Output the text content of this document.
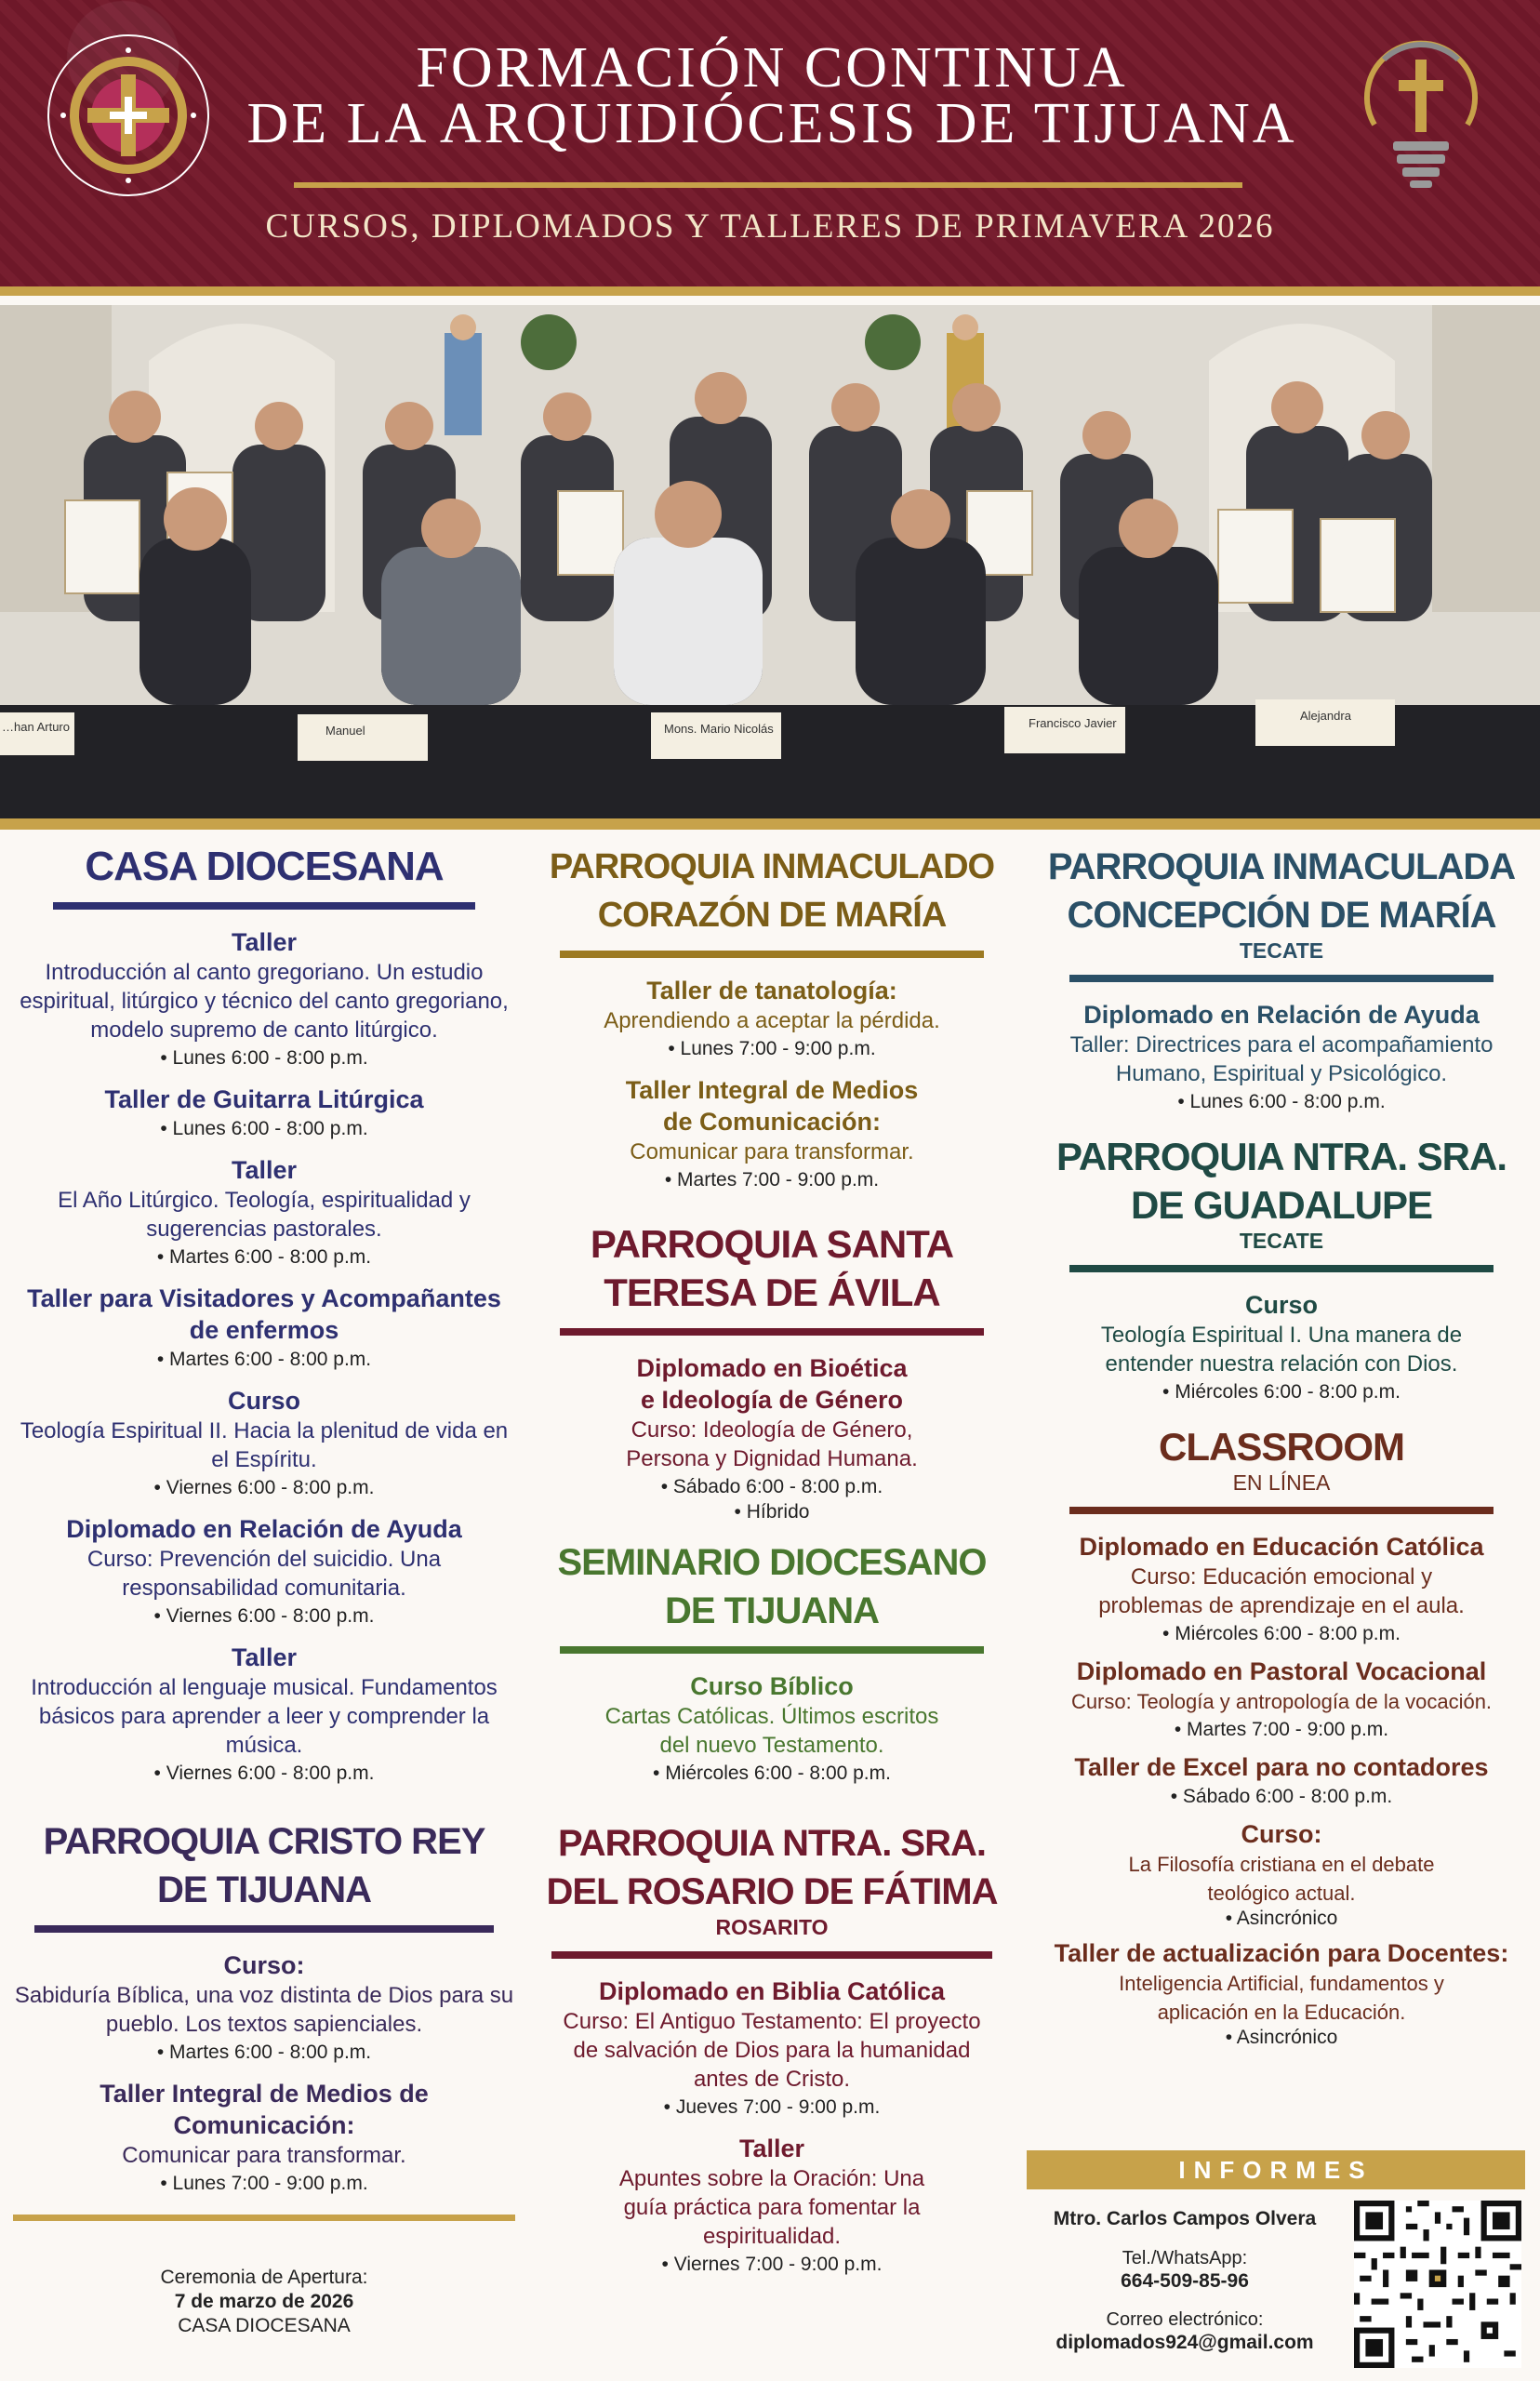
FORMACIÓN CONTINUA
DE LA ARQUIDIÓCESIS DE TIJUANA
CURSOS, DIPLOMADOS Y TALLERES DE PRIMAVERA 2026
…han Arturo	Manuel	Mons. Mario Nicolás	Francisco Javier
Alejandra
CASA DIOCESANA
Taller
Introducción al canto gregoriano. Un estudio espiritual, litúrgico y técnico del canto gregoriano, modelo supremo de canto litúrgico.
• Lunes 6:00 - 8:00 p.m.
Taller de Guitarra Litúrgica
• Lunes 6:00 - 8:00 p.m.
Taller
El Año Litúrgico. Teología, espiritualidad y sugerencias pastorales.
• Martes 6:00 - 8:00 p.m.
Taller para Visitadores y Acompañantes de enfermos
• Martes 6:00 - 8:00 p.m.
Curso
Teología Espiritual II. Hacia la plenitud de vida en el Espíritu.
• Viernes 6:00 - 8:00 p.m.
Diplomado en Relación de Ayuda
Curso: Prevención del suicidio. Una responsabilidad comunitaria.
• Viernes 6:00 - 8:00 p.m.
Taller
Introducción al lenguaje musical. Fundamentos básicos para aprender a leer y comprender la música.
• Viernes 6:00 - 8:00 p.m.
PARROQUIA CRISTO REY
DE TIJUANA
Curso:
Sabiduría Bíblica, una voz distinta de Dios para su pueblo. Los textos sapienciales.
• Martes 6:00 - 8:00 p.m.
Taller Integral de Medios de Comunicación:
Comunicar para transformar.
• Lunes 7:00 - 9:00 p.m.
Ceremonia de Apertura:
7 de marzo de 2026
CASA DIOCESANA
PARROQUIA INMACULADO
CORAZÓN DE MARÍA
Taller de tanatología:
Aprendiendo a aceptar la pérdida.
• Lunes 7:00 - 9:00 p.m.
Taller Integral de Medios de Comunicación:
Comunicar para transformar.
• Martes 7:00 - 9:00 p.m.
PARROQUIA SANTA
TERESA DE ÁVILA
Diplomado en Bioética e Ideología de Género
Curso: Ideología de Género, Persona y Dignidad Humana.
• Sábado 6:00 - 8:00 p.m.
• Híbrido
SEMINARIO DIOCESANO
DE TIJUANA
Curso Bíblico
Cartas Católicas. Últimos escritos del nuevo Testamento.
• Miércoles 6:00 - 8:00 p.m.
PARROQUIA NTRA. SRA.
DEL ROSARIO DE FÁTIMA
ROSARITO
Diplomado en Biblia Católica
Curso: El Antiguo Testamento: El proyecto de salvación de Dios para la humanidad antes de Cristo.
• Jueves 7:00 - 9:00 p.m.
Taller
Apuntes sobre la Oración: Una guía práctica para fomentar la espiritualidad.
• Viernes 7:00 - 9:00 p.m.
PARROQUIA INMACULADA
CONCEPCIÓN DE MARÍA
TECATE
Diplomado en Relación de Ayuda
Taller: Directrices para el acompañamiento Humano, Espiritual y Psicológico.
• Lunes 6:00 - 8:00 p.m.
PARROQUIA NTRA. SRA.
DE GUADALUPE
TECATE
Curso
Teología Espiritual I. Una manera de entender nuestra relación con Dios.
• Miércoles 6:00 - 8:00 p.m.
CLASSROOM
EN LÍNEA
Diplomado en Educación Católica
Curso: Educación emocional y problemas de aprendizaje en el aula.
• Miércoles 6:00 - 8:00 p.m.
Diplomado en Pastoral Vocacional
Curso: Teología y antropología de la vocación.
• Martes 7:00 - 9:00 p.m.
Taller de Excel para no contadores
• Sábado 6:00 - 8:00 p.m.
Curso:
La Filosofía cristiana en el debate teológico actual.
• Asincrónico
Taller de actualización para Docentes:
Inteligencia Artificial, fundamentos y aplicación en la Educación.
• Asincrónico
INFORMES
Mtro. Carlos Campos Olvera
Tel./WhatsApp:
664-509-85-96
Correo electrónico:
diplomados924@gmail.com
